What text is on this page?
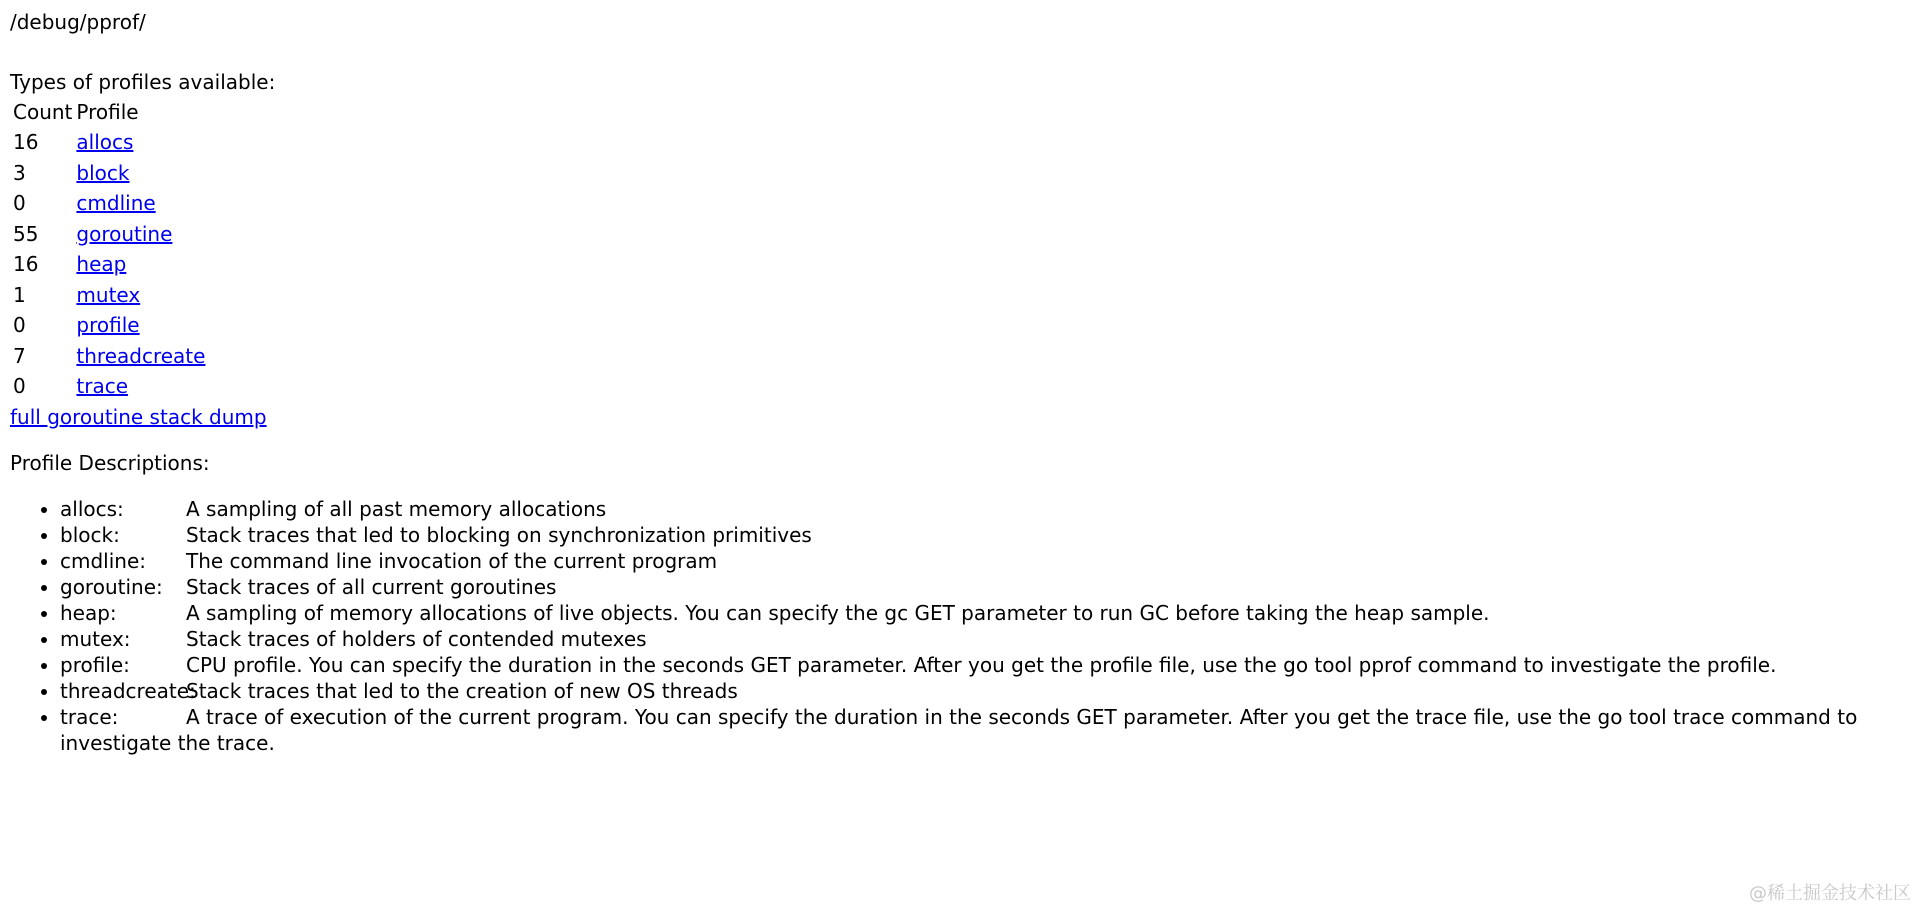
/debug/pprof/

Types of profiles available:

Count	Profile
16	allocs
3	block
0	cmdline
55	goroutine
16	heap
1	mutex
0	profile
7	threadcreate
0	trace
full goroutine stack dump

Profile Descriptions:

• allocs:	A sampling of all past memory allocations
• block:	Stack traces that led to blocking on synchronization primitives
• cmdline: The command line invocation of the current program
• goroutine: Stack traces of all current goroutines
• heap:	A sampling of memory allocations of live objects. You can specify the gc GET parameter to run GC before taking the heap sample.
• mutex:	Stack traces of holders of contended mutexes
• profile:	CPU profile. You can specify the duration in the seconds GET parameter. After you get the profile file, use the go tool pprof command to investigate the profile.
• threadcreate:Stack traces that led to the creation of new OS threads
• trace:	A trace of execution of the current program. You can specify the duration in the seconds GET parameter. After you get the trace file, use the go tool trace command to investigate the trace.
@稀土掘金技术社区
